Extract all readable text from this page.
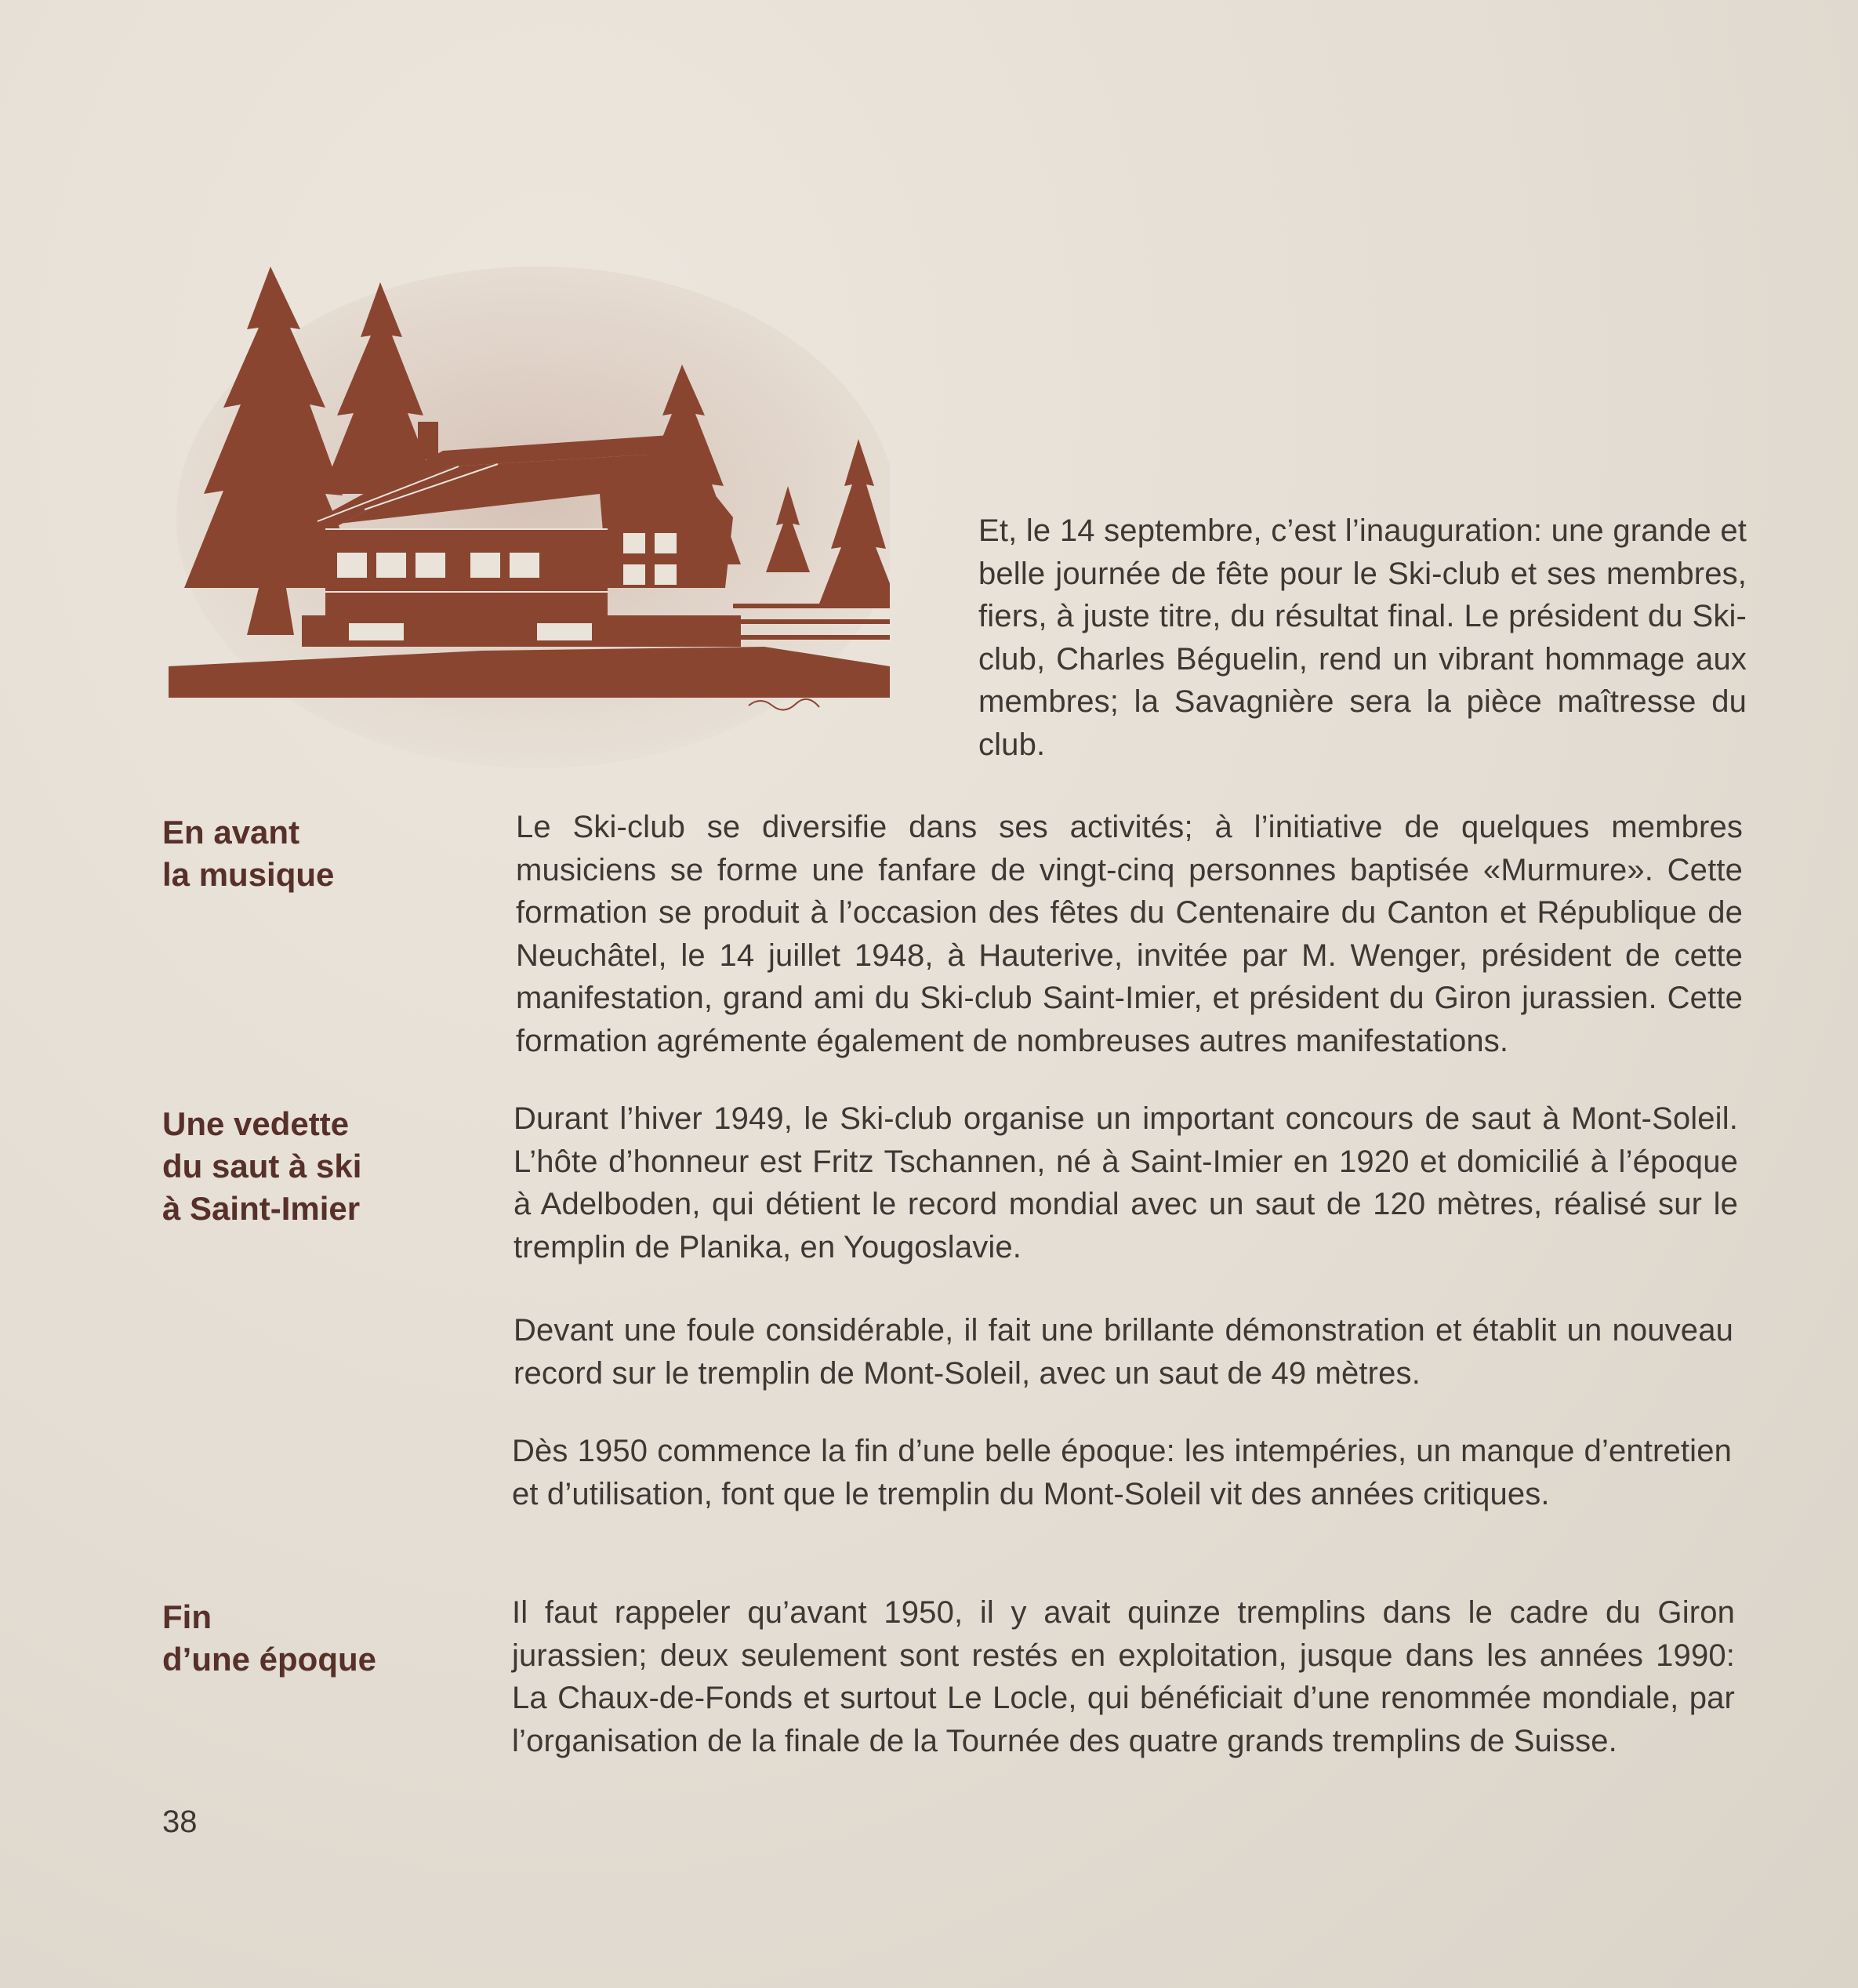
Et, le 14 septembre, c’est l’inauguration: une grande et belle journée de fête pour le Ski-club et ses membres, fiers, à juste titre, du résultat final. Le président du Ski-club, Charles Béguelin, rend un vibrant hommage aux membres; la Savagnière sera la pièce maîtresse du club.

En avant
la musique

Le Ski-club se diversifie dans ses activités; à l’initiative de quelques membres musiciens se forme une fanfare de vingt-cinq personnes baptisée «Murmure». Cette formation se produit à l’occasion des fêtes du Centenaire du Canton et République de Neuchâtel, le 14 juillet 1948, à Hauterive, invitée par M. Wenger, président de cette manifestation, grand ami du Ski-club Saint-Imier, et président du Giron jurassien. Cette formation agrémente également de nombreuses autres manifestations.

Une vedette
du saut à ski
à Saint-Imier

Durant l’hiver 1949, le Ski-club organise un important concours de saut à Mont-Soleil. L’hôte d’honneur est Fritz Tschannen, né à Saint-Imier en 1920 et domicilié à l’époque à Adelboden, qui détient le record mondial avec un saut de 120 mètres, réalisé sur le tremplin de Planika, en Yougoslavie.

Devant une foule considérable, il fait une brillante démonstration et établit un nouveau record sur le tremplin de Mont-Soleil, avec un saut de 49 mètres.

Dès 1950 commence la fin d’une belle époque: les intempéries, un manque d’entretien et d’utilisation, font que le tremplin du Mont-Soleil vit des années critiques.

Fin
d’une époque

Il faut rappeler qu’avant 1950, il y avait quinze tremplins dans le cadre du Giron jurassien; deux seulement sont restés en exploitation, jusque dans les années 1990: La Chaux-de-Fonds et surtout Le Locle, qui bénéficiait d’une renommée mondiale, par l’organisation de la finale de la Tournée des quatre grands tremplins de Suisse.

38
